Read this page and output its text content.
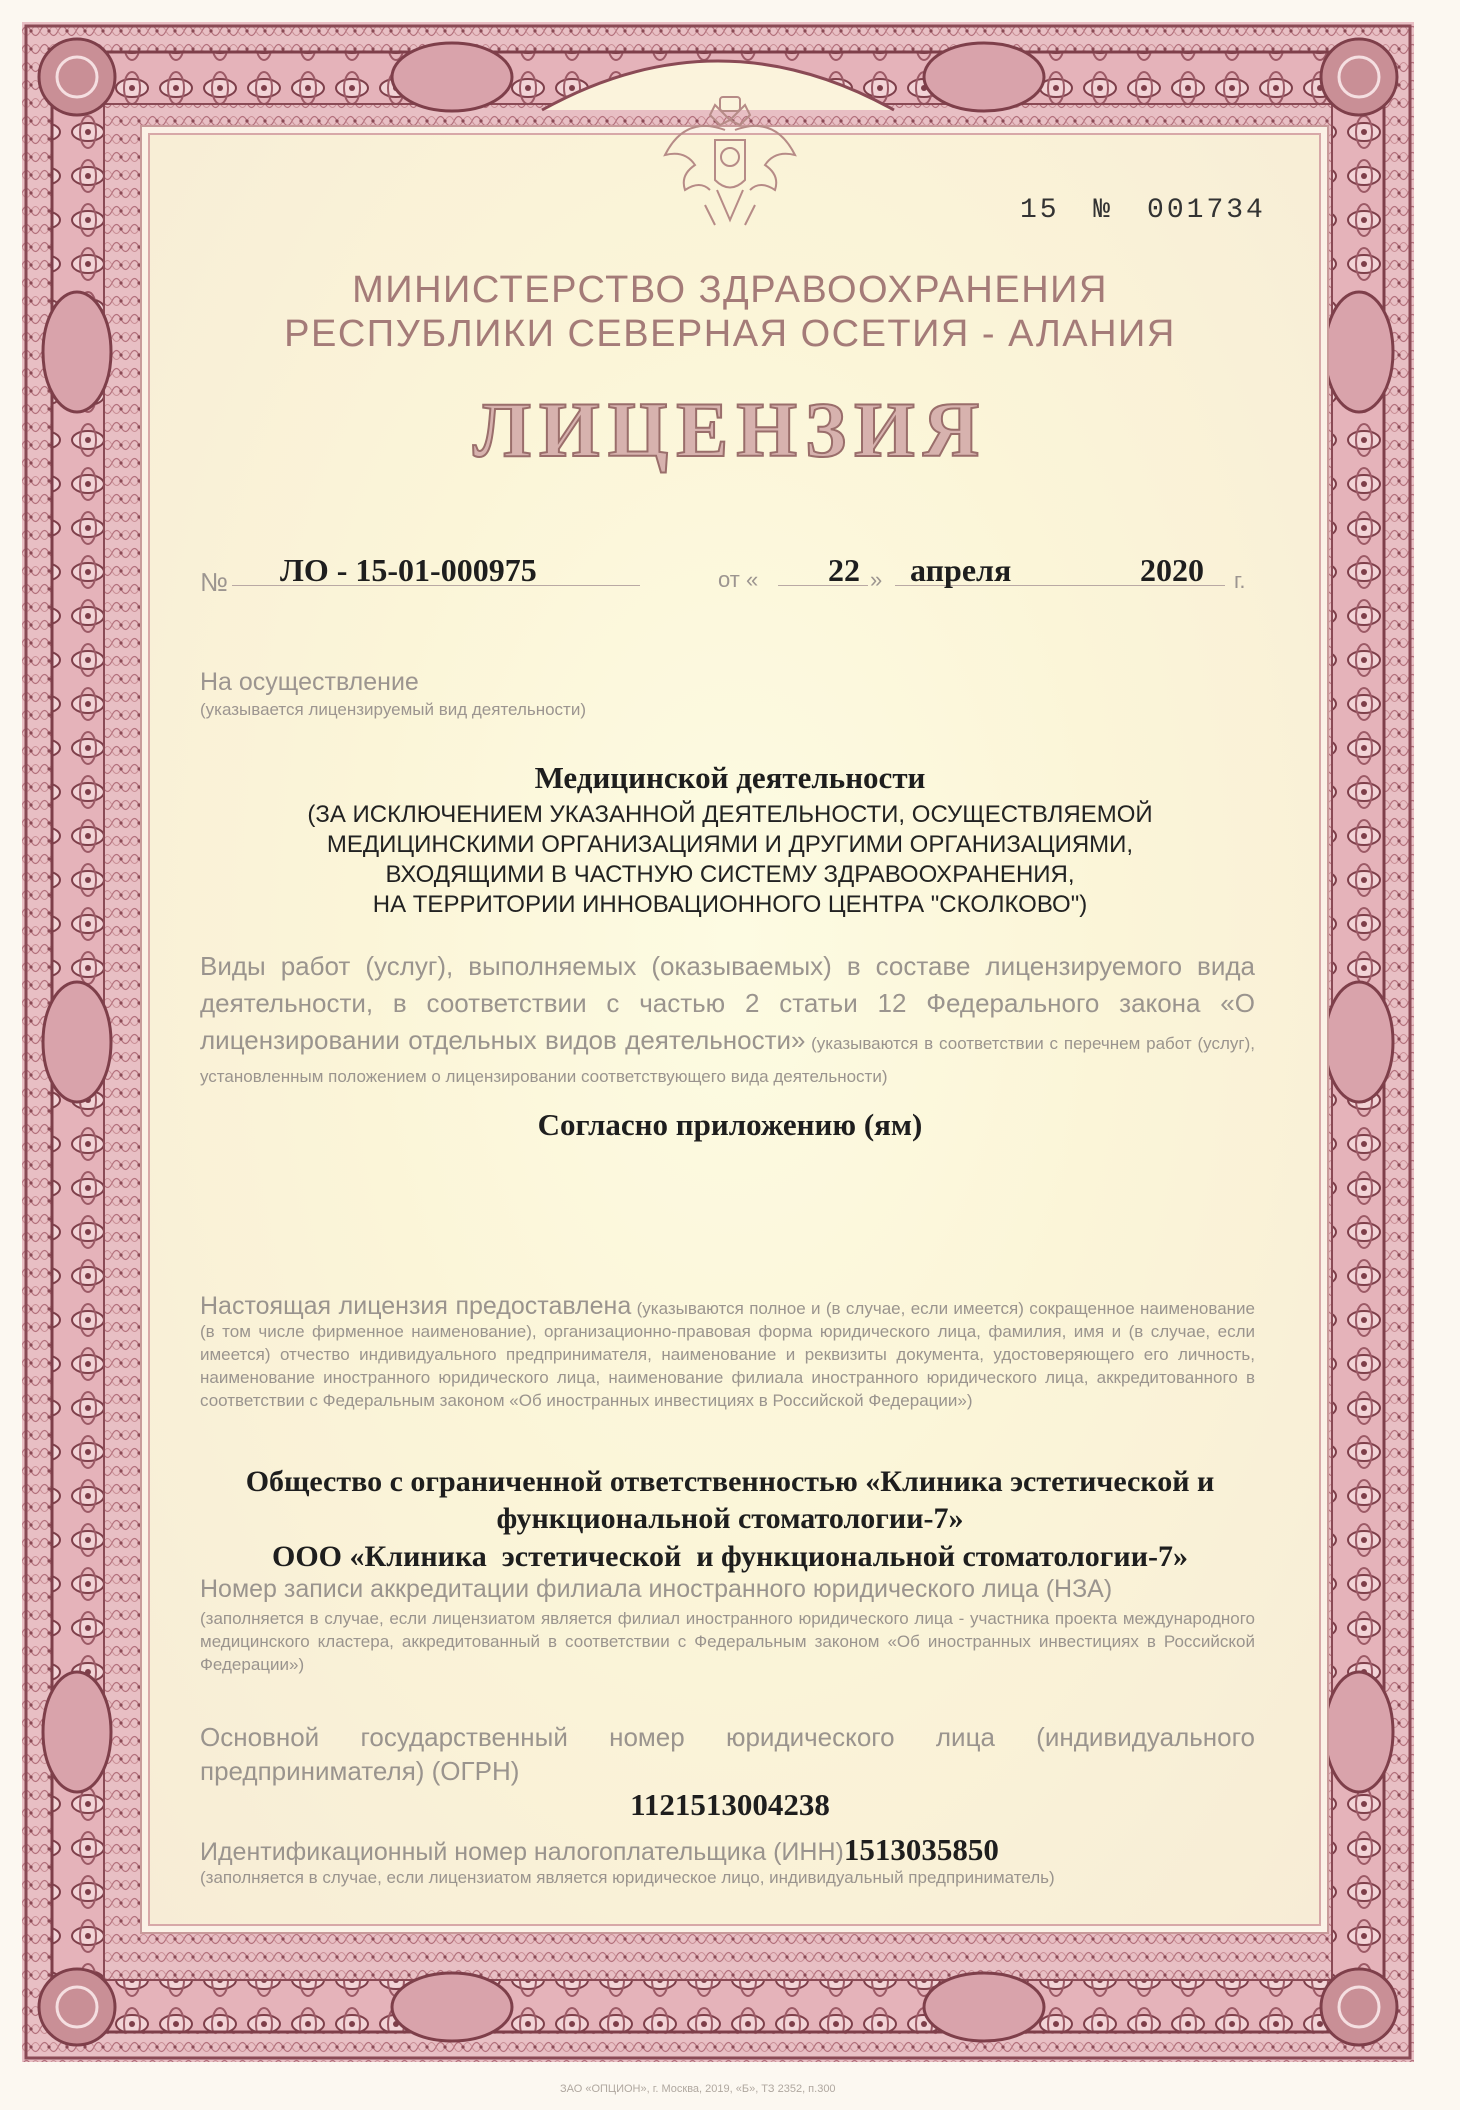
15 № 001734
МИНИСТЕРСТВО ЗДРАВООХРАНЕНИЯ
РЕСПУБЛИКИ СЕВЕРНАЯ ОСЕТИЯ - АЛАНИЯ
ЛИЦЕНЗИЯ
№ ЛО - 15-01-000975	от « 22 » апреля	2020 г.
На осуществление
(указывается лицензируемый вид деятельности)
Медицинской деятельности
(ЗА ИСКЛЮЧЕНИЕМ УКАЗАННОЙ ДЕЯТЕЛЬНОСТИ, ОСУЩЕСТВЛЯЕМОЙ
МЕДИЦИНСКИМИ ОРГАНИЗАЦИЯМИ И ДРУГИМИ ОРГАНИЗАЦИЯМИ,
ВХОДЯЩИМИ В ЧАСТНУЮ СИСТЕМУ ЗДРАВООХРАНЕНИЯ,
НА ТЕРРИТОРИИ ИННОВАЦИОННОГО ЦЕНТРА "СКОЛКОВО")
Виды работ (услуг), выполняемых (оказываемых) в составе лицензируемого вида деятельности, в соответствии с частью 2 статьи 12 Федерального закона «О лицензировании отдельных видов деятельности» (указываются в соответствии с перечнем работ (услуг), установленным положением о лицензировании соответствующего вида деятельности)
Согласно приложению (ям)
Настоящая лицензия предоставлена (указываются полное и (в случае, если имеется) сокращенное наименование (в том числе фирменное наименование), организационно-правовая форма юридического лица, фамилия, имя и (в случае, если имеется) отчество индивидуального предпринимателя, наименование и реквизиты документа, удостоверяющего его личность, наименование иностранного юридического лица, наименование филиала иностранного юридического лица, аккредитованного в соответствии с Федеральным законом «Об иностранных инвестициях в Российской Федерации»)
Общество с ограниченной ответственностью «Клиника эстетической и
функциональной стоматологии-7»
ООО «Клиника  эстетической  и функциональной стоматологии-7»
Номер записи аккредитации филиала иностранного юридического лица (НЗА)
(заполняется в случае, если лицензиатом является филиал иностранного юридического лица - участника проекта международного медицинского кластера, аккредитованный в соответствии с Федеральным законом «Об иностранных инвестициях в Российской Федерации»)
Основной государственный номер юридического лица (индивидуального предпринимателя) (ОГРН)
1121513004238
Идентификационный номер налогоплательщика (ИНН)1513035850
(заполняется в случае, если лицензиатом является юридическое лицо, индивидуальный предприниматель)
ЗАО «ОПЦИОН», г. Москва, 2019, «Б», ТЗ 2352, п.300
